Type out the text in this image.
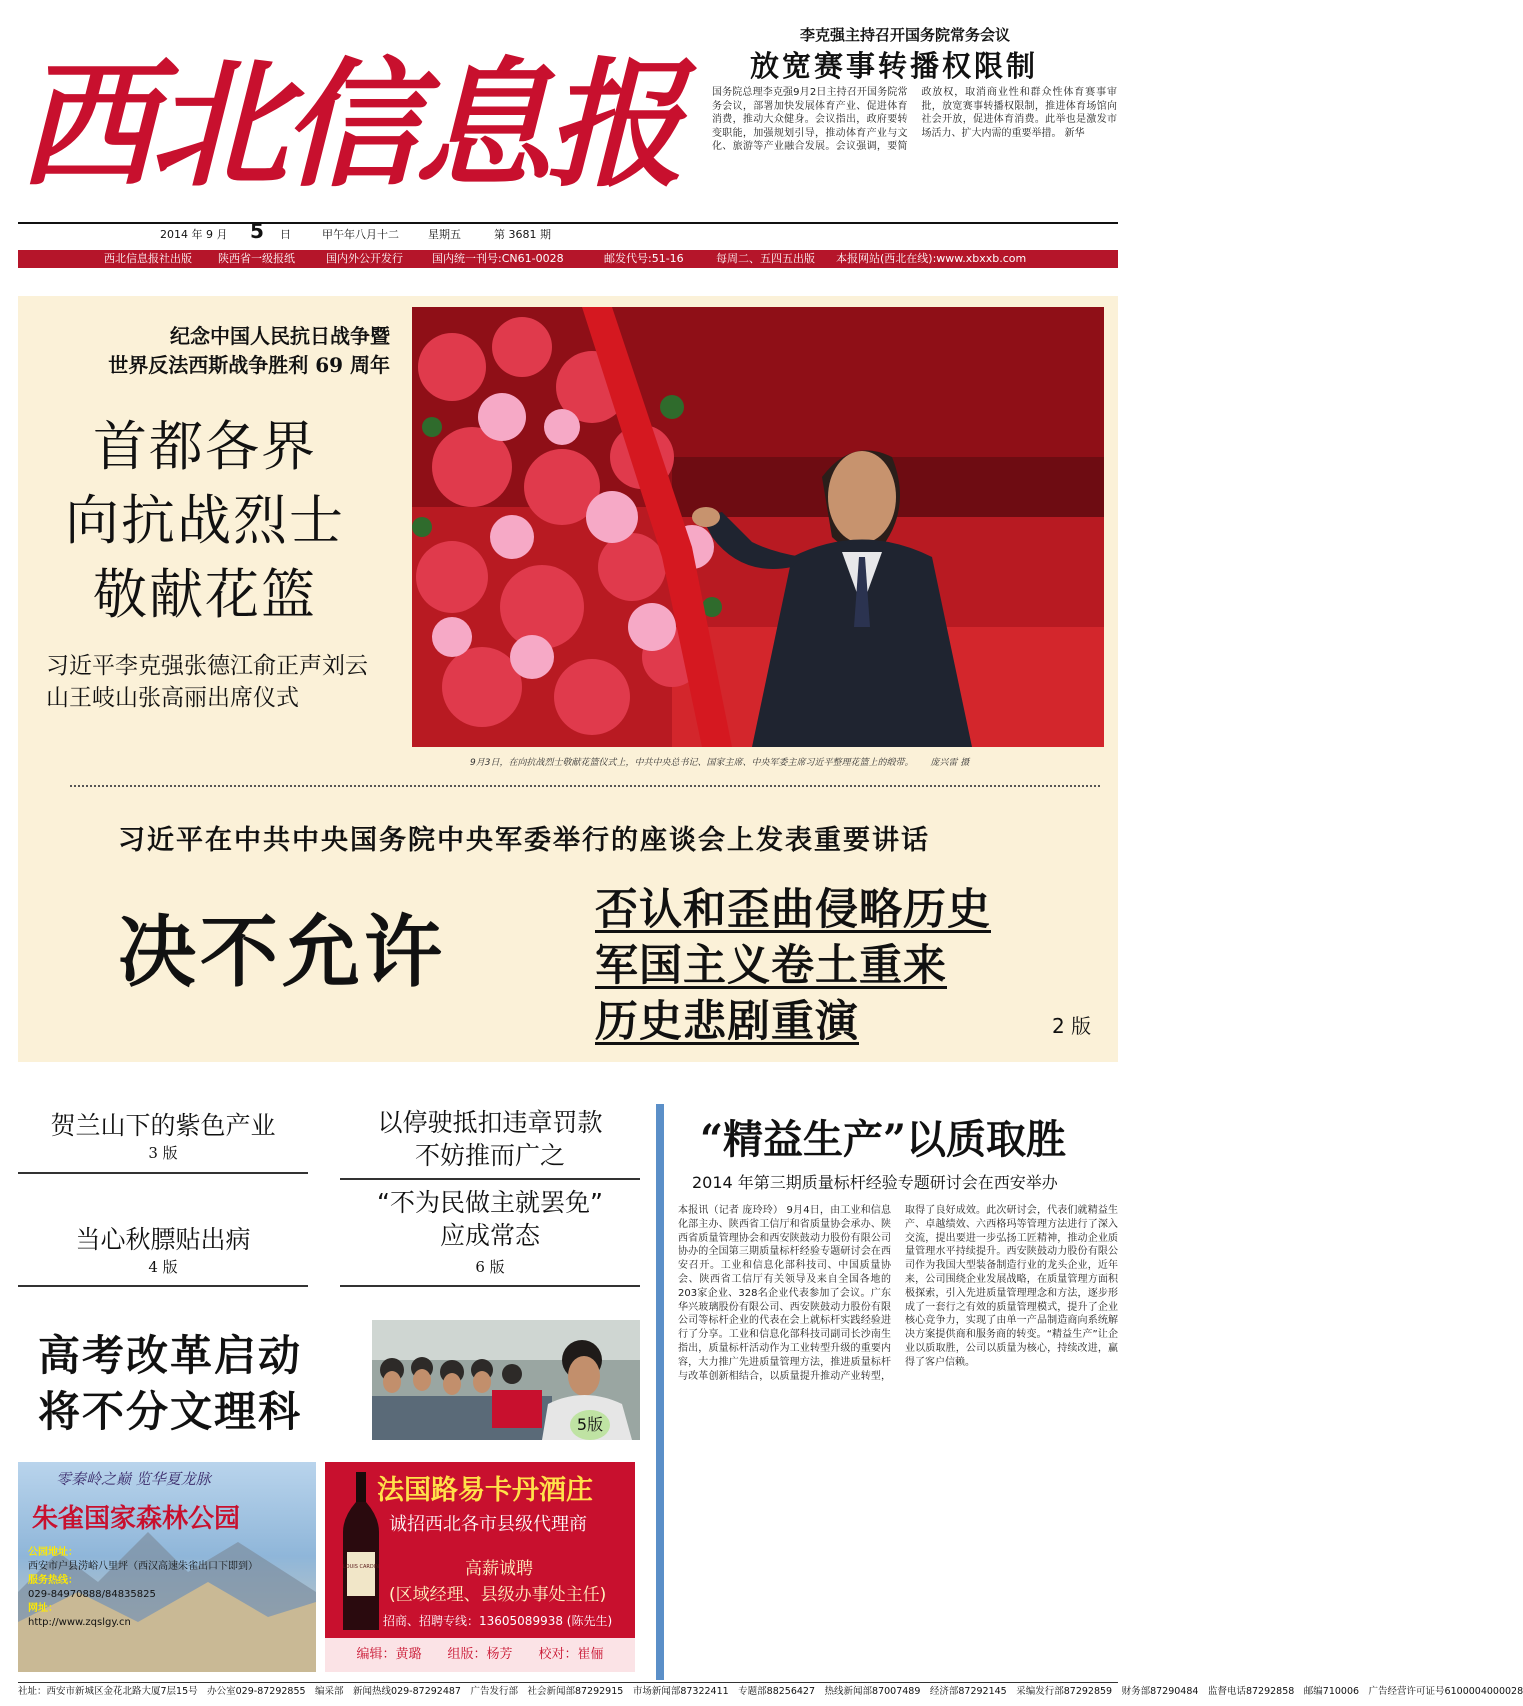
西北信息报
李克强主持召开国务院常务会议
放宽赛事转播权限制
国务院总理李克强9月2日主持召开国务院常务会议，部署加快发展体育产业、促进体育消费，推动大众健身。会议指出，政府要转变职能，加强规划引导，推动体育产业与文化、旅游等产业融合发展。会议强调，要简政放权，取消商业性和群众性体育赛事审批，放宽赛事转播权限制，推进体育场馆向社会开放，促进体育消费。此举也是激发市场活力、扩大内需的重要举措。 新华
2014 年 9 月 5 日	甲午年八月十二	星期五	第 3681 期
西北信息报社出版 陕西省一级报纸	国内外公开发行	国内统一刊号:CN61-0028	邮发代号:51-16	每周二、五四五出版 本报网站(西北在线):www.xbxxb.com
纪念中国人民抗日战争暨
世界反法西斯战争胜利 69 周年
首都各界
向抗战烈士
敬献花篮
习近平李克强张德江俞正声刘云山王岐山张高丽出席仪式
9月3日，在向抗战烈士敬献花篮仪式上，中共中央总书记、国家主席、中央军委主席习近平整理花篮上的缎带。 庞兴雷 摄
习近平在中共中央国务院中央军委举行的座谈会上发表重要讲话
决不允许	否认和歪曲侵略历史
军国主义卷土重来
历史悲剧重演	2 版
贺兰山下的紫色产业
3 版
当心秋膘贴出病
4 版
以停驶抵扣违章罚款
不妨推而广之
“不为民做主就罢免”
应成常态
6 版
高考改革启动
将不分文理科	5版
“精益生产”以质取胜
2014 年第三期质量标杆经验专题研讨会在西安举办
本报讯（记者 庞玲玲） 9月4日，由工业和信息化部主办、陕西省工信厅和省质量协会承办、陕西省质量管理协会和西安陕鼓动力股份有限公司协办的全国第三期质量标杆经验专题研讨会在西安召开。工业和信息化部科技司、中国质量协会、陕西省工信厅有关领导及来自全国各地的203家企业、328名企业代表参加了会议。广东华兴玻璃股份有限公司、西安陕鼓动力股份有限公司等标杆企业的代表在会上就标杆实践经验进行了分享。工业和信息化部科技司副司长沙南生指出，质量标杆活动作为工业转型升级的重要内容，大力推广先进质量管理方法，推进质量标杆与改革创新相结合，以质量提升推动产业转型，取得了良好成效。此次研讨会，代表们就精益生产、卓越绩效、六西格玛等管理方法进行了深入交流，提出要进一步弘扬工匠精神，推动企业质量管理水平持续提升。西安陕鼓动力股份有限公司作为我国大型装备制造行业的龙头企业，近年来，公司围绕企业发展战略，在质量管理方面积极探索，引入先进质量管理理念和方法，逐步形成了一套行之有效的质量管理模式，提升了企业核心竞争力，实现了由单一产品制造商向系统解决方案提供商和服务商的转变。“精益生产”让企业以质取胜，公司以质量为核心，持续改进，赢得了客户信赖。
零秦岭之巅 览华夏龙脉
朱雀国家森林公园
公园地址：
西安市户县涝峪八里坪（西汉高速朱雀出口下即到）
服务热线：
029-84970888/84835825
网址：
http://www.zqslgy.cn
LOUIS CARDIN
法国路易卡丹酒庄
诚招西北各市县级代理商
高薪诚聘
(区域经理、县级办事处主任)
招商、招聘专线：13605089938 (陈先生)
编辑：黄璐　　组版：杨芳　　校对：崔俪
社址：西安市新城区金花北路大厦7层15号　办公室029-87292855　编采部　新闻热线029-87292487　广告发行部　社会新闻部87292915　市场新闻部87322411　专题部88256427　热线新闻部87007489　经济部87292145　采编发行部87292859　财务部87290484　监督电话87292858　邮编710006　广告经营许可证号6100004000028
